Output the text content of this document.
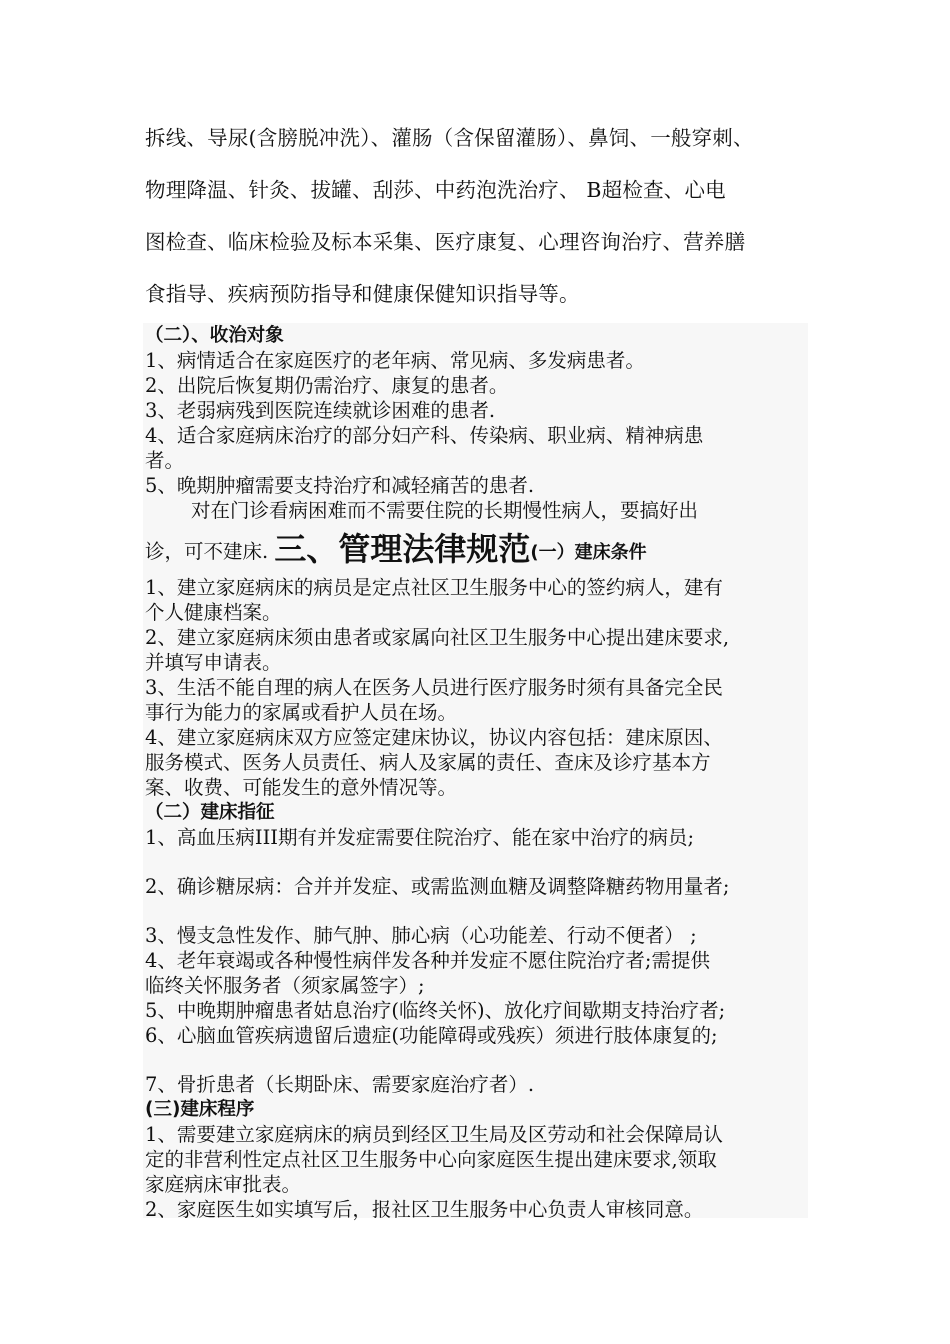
拆线、导尿(含膀脱冲洗）、灌肠（含保留灌肠）、鼻饲、一般穿刺、
物理降温、针灸、拔罐、刮莎、中药泡洗治疗、 B超检查、心电
图检查、临床检验及标本采集、医疗康复、心理咨询治疗、营养膳
食指导、疾病预防指导和健康保健知识指导等。
（二）、收治对象
1、病情适合在家庭医疗的老年病、常见病、多发病患者。
2、出院后恢复期仍需治疗、康复的患者。
3、老弱病残到医院连续就诊困难的患者.
4、适合家庭病床治疗的部分妇产科、传染病、职业病、精神病患
者。
5、晚期肿瘤需要支持治疗和减轻痛苦的患者.
对在门诊看病困难而不需要住院的长期慢性病人，要搞好出
诊，可不建床. 三、管理法律规范(一）建床条件
1、建立家庭病床的病员是定点社区卫生服务中心的签约病人，建有
个人健康档案。
2、建立家庭病床须由患者或家属向社区卫生服务中心提出建床要求,
并填写申请表。
3、生活不能自理的病人在医务人员进行医疗服务时须有具备完全民
事行为能力的家属或看护人员在场。
4、建立家庭病床双方应签定建床协议，协议内容包括：建床原因、
服务模式、医务人员责任、病人及家属的责任、查床及诊疗基本方
案、收费、可能发生的意外情况等。
（二）建床指征
1、高血压病III期有并发症需要住院治疗、能在家中治疗的病员;
2、确诊糖尿病：合并并发症、或需监测血糖及调整降糖药物用量者;
3、慢支急性发作、肺气肿、肺心病（心功能差、行动不便者） ;
4、老年衰竭或各种慢性病伴发各种并发症不愿住院治疗者;需提供
临终关怀服务者（须家属签字）;
5、中晚期肿瘤患者姑息治疗(临终关怀)、放化疗间歇期支持治疗者;
6、心脑血管疾病遗留后遗症(功能障碍或残疾）须进行肢体康复的;
7、骨折患者（长期卧床、需要家庭治疗者）.
(三)建床程序
1、需要建立家庭病床的病员到经区卫生局及区劳动和社会保障局认
定的非营利性定点社区卫生服务中心向家庭医生提出建床要求,领取
家庭病床审批表。
2、家庭医生如实填写后，报社区卫生服务中心负责人审核同意。
